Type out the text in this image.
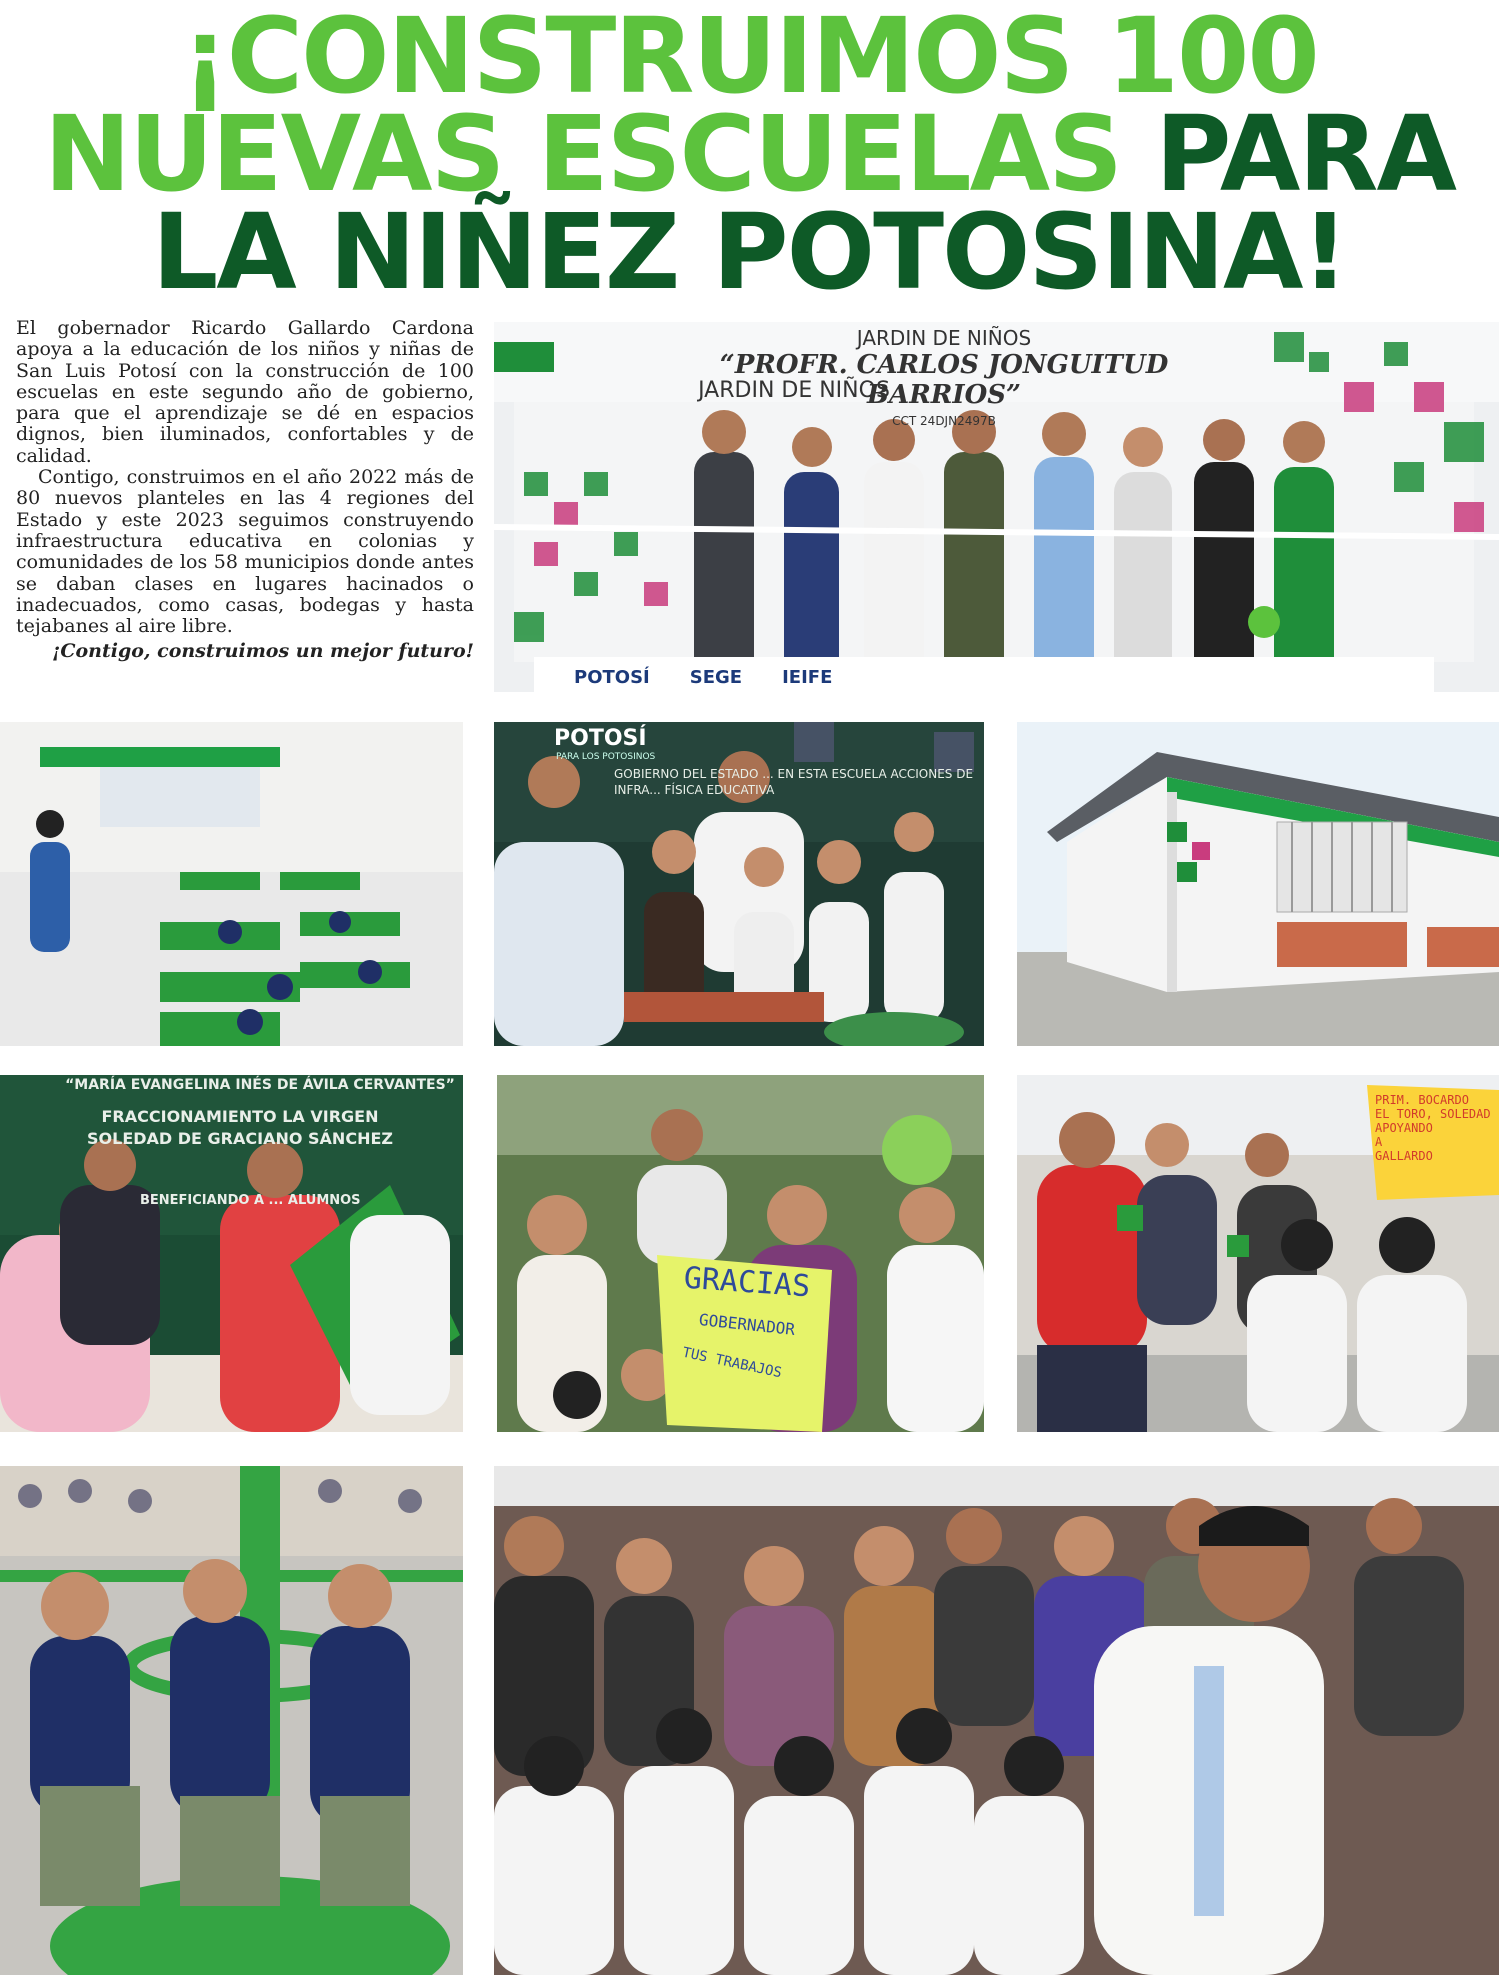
¡CONSTRUIMOS 100
NUEVAS ESCUELAS PARA
LA NIÑEZ POTOSINA!

El gobernador Ricardo Gallardo Cardona apoya a la educación de los niños y niñas de San Luis Potosí con la construcción de 100 escuelas en este segundo año de gobierno, para que el aprendizaje se dé en espacios dignos, bien iluminados, confortables y de calidad.

Contigo, construimos en el año 2022 más de 80 nuevos planteles en las 4 regiones del Estado y este 2023 seguimos construyendo infraestructura educativa en colonias y comunidades de los 58 municipios donde antes se daban clases en lugares hacinados o inadecuados, como casas, bodegas y hasta tejabanes al aire libre.

¡Contigo, construimos un mejor futuro!

JARDIN DE NIÑOS
JARDIN DE NIÑOS
“PROFR. CARLOS JONGUITUD BARRIOS”
CCT 24DJN2497B
POTOSÍ SEGE IEIFE
POTOSÍ
PARA LOS POTOSINOS
GOBIERNO DEL ESTADO ... EN ESTA ESCUELA ACCIONES DE INFRA... FÍSICA EDUCATIVA
“MARÍA EVANGELINA INÉS DE ÁVILA CERVANTES”
FRACCIONAMIENTO LA VIRGEN
SOLEDAD DE GRACIANO SÁNCHEZ
BENEFICIANDO A ... ALUMNOS
GRACIAS
GOBERNADOR
TUS TRABAJOS
PRIM. BOCARDO
EL TORO, SOLEDAD
APOYANDO
A
GALLARDO
